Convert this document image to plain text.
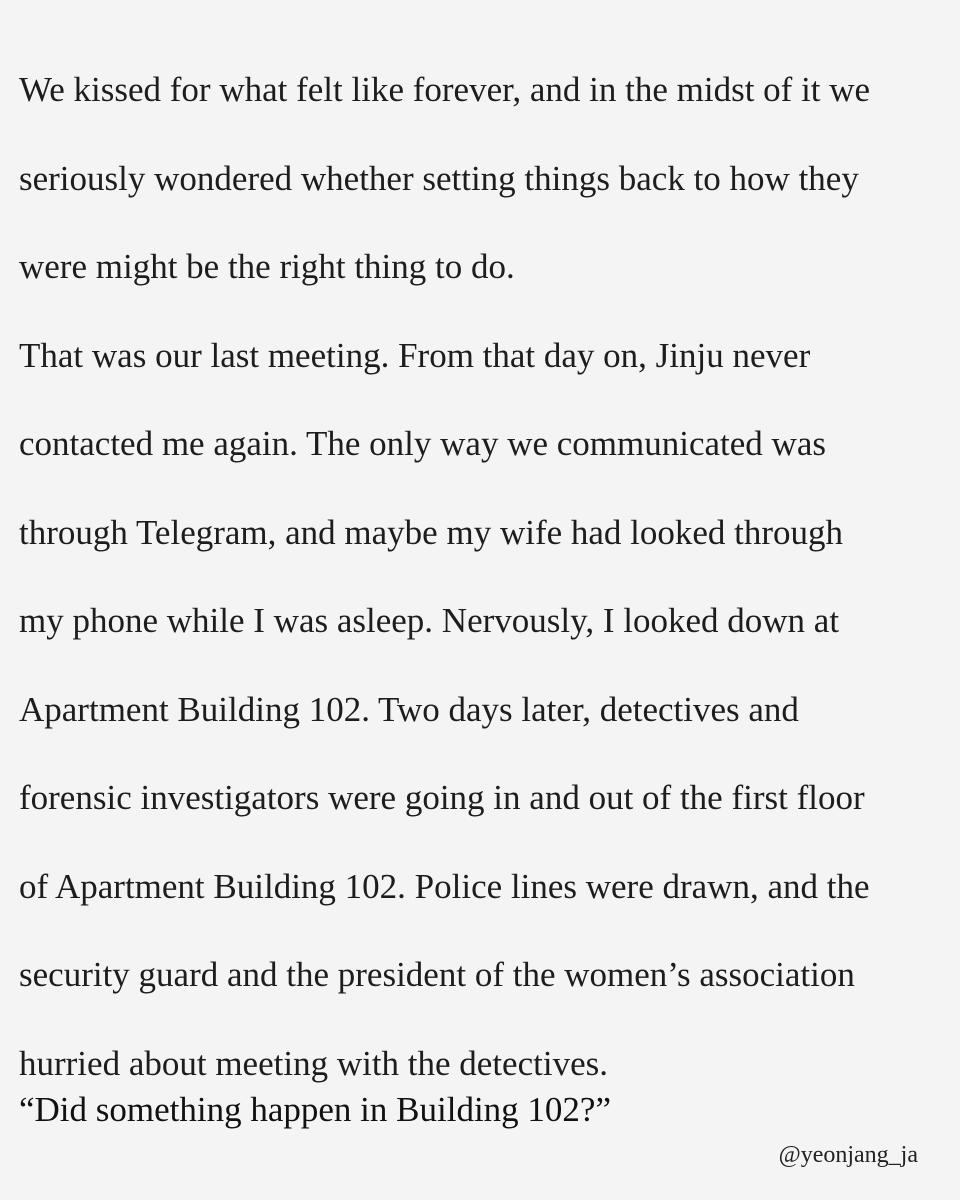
We kissed for what felt like forever, and in the midst of it we
seriously wondered whether setting things back to how they
were might be the right thing to do.
That was our last meeting. From that day on, Jinju never
contacted me again. The only way we communicated was
through Telegram, and maybe my wife had looked through
my phone while I was asleep. Nervously, I looked down at
Apartment Building 102. Two days later, detectives and
forensic investigators were going in and out of the first floor
of Apartment Building 102. Police lines were drawn, and the
security guard and the president of the women’s association
hurried about meeting with the detectives.
“Did something happen in Building 102?”
@yeonjang_ja
